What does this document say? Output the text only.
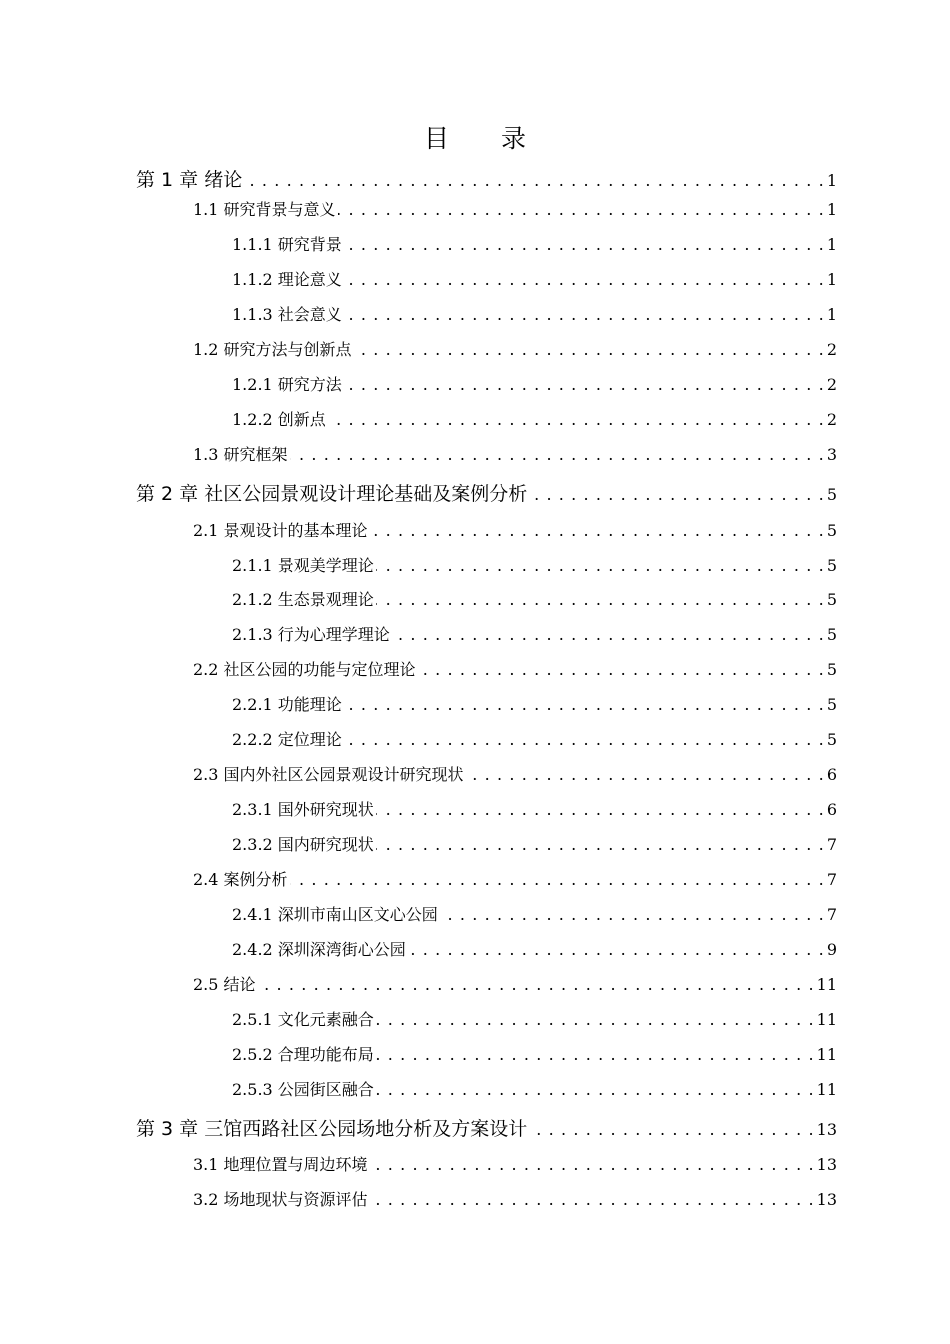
目 录
第 1 章 绪论 . . .	1
1.1 研究背景与意义 . . .	1
1.1.1 研究背景 . . .	1
1.1.2 理论意义 . . .	1
1.1.3 社会意义 . . .	1
1.2 研究方法与创新点 . . .	2
1.2.1 研究方法 . . .	2
1.2.2 创新点 . . .	2
1.3 研究框架 . . .	3
第 2 章 社区公园景观设计理论基础及案例分析 . . .	5
2.1 景观设计的基本理论 . . .	5
2.1.1 景观美学理论 . . .	5
2.1.2 生态景观理论 . . .	5
2.1.3 行为心理学理论 . . .	5
2.2 社区公园的功能与定位理论 . . .	5
2.2.1 功能理论 . . .	5
2.2.2 定位理论 . . .	5
2.3 国内外社区公园景观设计研究现状 . . .	6
2.3.1 国外研究现状 . . .	6
2.3.2 国内研究现状 . . .	7
2.4 案例分析 . . .	7
2.4.1 深圳市南山区文心公园 . . .	7
2.4.2 深圳深湾街心公园 . . .	9
2.5 结论 . . .	11
2.5.1 文化元素融合 . . .	11
2.5.2 合理功能布局 . . .	11
2.5.3 公园街区融合 . . .	11
第 3 章 三馆西路社区公园场地分析及方案设计 . . .	13
3.1 地理位置与周边环境 . . .	13
3.2 场地现状与资源评估 . . .	13
